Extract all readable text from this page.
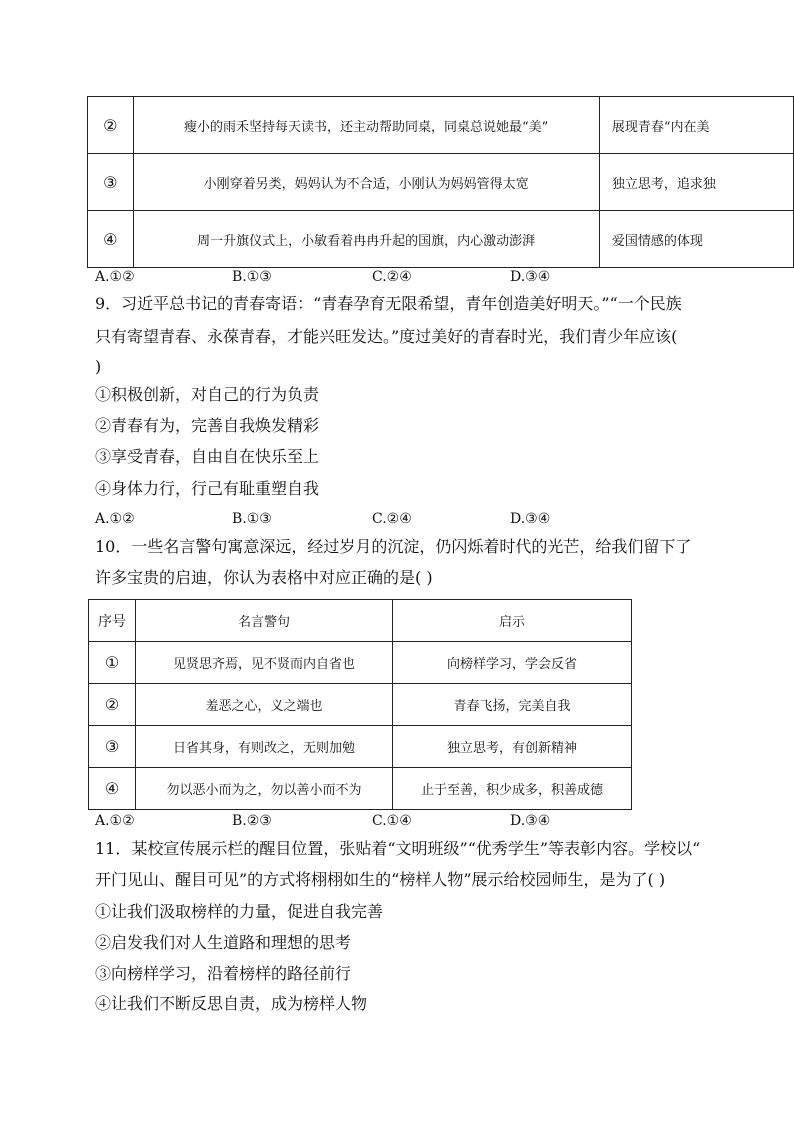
②	瘦小的雨禾坚持每天读书，还主动帮助同桌，同桌总说她最“美”	展现青春“内在美
③	小刚穿着另类，妈妈认为不合适，小刚认为妈妈管得太宽	独立思考，追求独
④	周一升旗仪式上，小敏看着冉冉升起的国旗，内心激动澎湃	爱国情感的体现
A.①②	B.①③	C.②④	D.③④
9．习近平总书记的青春寄语：“青春孕育无限希望，青年创造美好明天。”“一个民族
只有寄望青春、永葆青春，才能兴旺发达。”度过美好的青春时光，我们青少年应该(
)
①积极创新，对自己的行为负责
②青春有为，完善自我焕发精彩
③享受青春，自由自在快乐至上
④身体力行，行己有耻重塑自我
A.①②	B.①③	C.②④	D.③④
10．一些名言警句寓意深远，经过岁月的沉淀，仍闪烁着时代的光芒，给我们留下了
许多宝贵的启迪，你认为表格中对应正确的是( )
序号	名言警句	启示
①	见贤思齐焉，见不贤而内自省也	向榜样学习，学会反省
②	羞恶之心，义之端也	青春飞扬，完美自我
③	日省其身，有则改之，无则加勉	独立思考，有创新精神
④	勿以恶小而为之，勿以善小而不为	止于至善，积少成多，积善成德
A.①②	B.②③	C.①④	D.③④
11．某校宣传展示栏的醒目位置，张贴着“文明班级”“优秀学生”等表彰内容。学校以“
开门见山、醒目可见”的方式将栩栩如生的“榜样人物”展示给校园师生，是为了( )
①让我们汲取榜样的力量，促进自我完善
②启发我们对人生道路和理想的思考
③向榜样学习，沿着榜样的路径前行
④让我们不断反思自责，成为榜样人物
